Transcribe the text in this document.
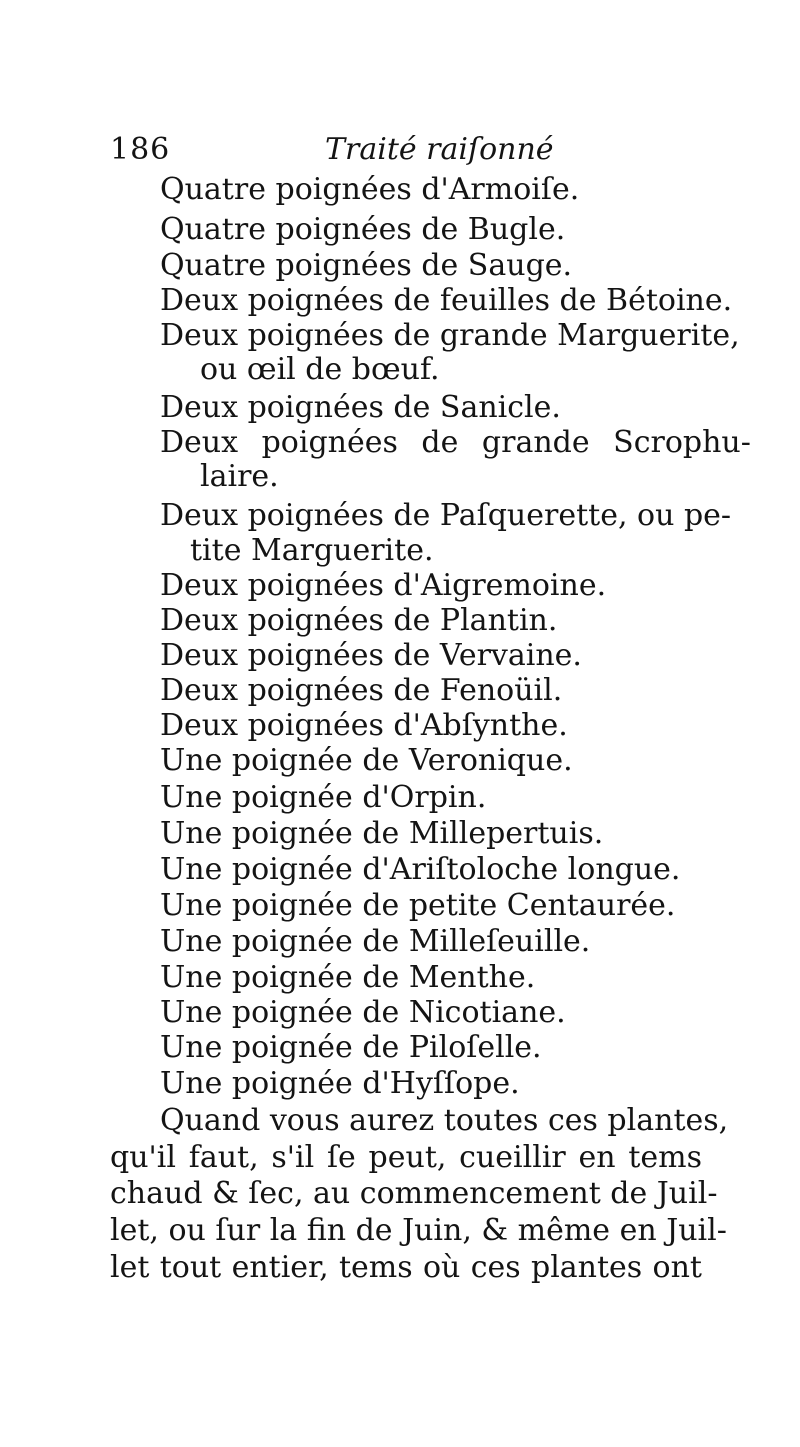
186	Traité raiſonné
Quatre poignées d'Armoiſe.
Quatre poignées de Bugle.
Quatre poignées de Sauge.
Deux poignées de feuilles de Bétoine.
Deux poignées de grande Marguerite,
ou œil de bœuf.
Deux poignées de Sanicle.
Deux poignées de grande Scrophu-
laire.
Deux poignées de Paſquerette, ou pe-
tite Marguerite.
Deux poignées d'Aigremoine.
Deux poignées de Plantin.
Deux poignées de Vervaine.
Deux poignées de Fenoüil.
Deux poignées d'Abſynthe.
Une poignée de Veronique.
Une poignée d'Orpin.
Une poignée de Millepertuis.
Une poignée d'Ariſtoloche longue.
Une poignée de petite Centaurée.
Une poignée de Milleſeuille.
Une poignée de Menthe.
Une poignée de Nicotiane.
Une poignée de Piloſelle.
Une poignée d'Hyſſope.
Quand vous aurez toutes ces plantes,
qu'il faut, s'il ſe peut, cueillir en tems
chaud & ſec, au commencement de Juil-
let, ou ſur la fin de Juin, & même en Juil-
let tout entier, tems où ces plantes ont
